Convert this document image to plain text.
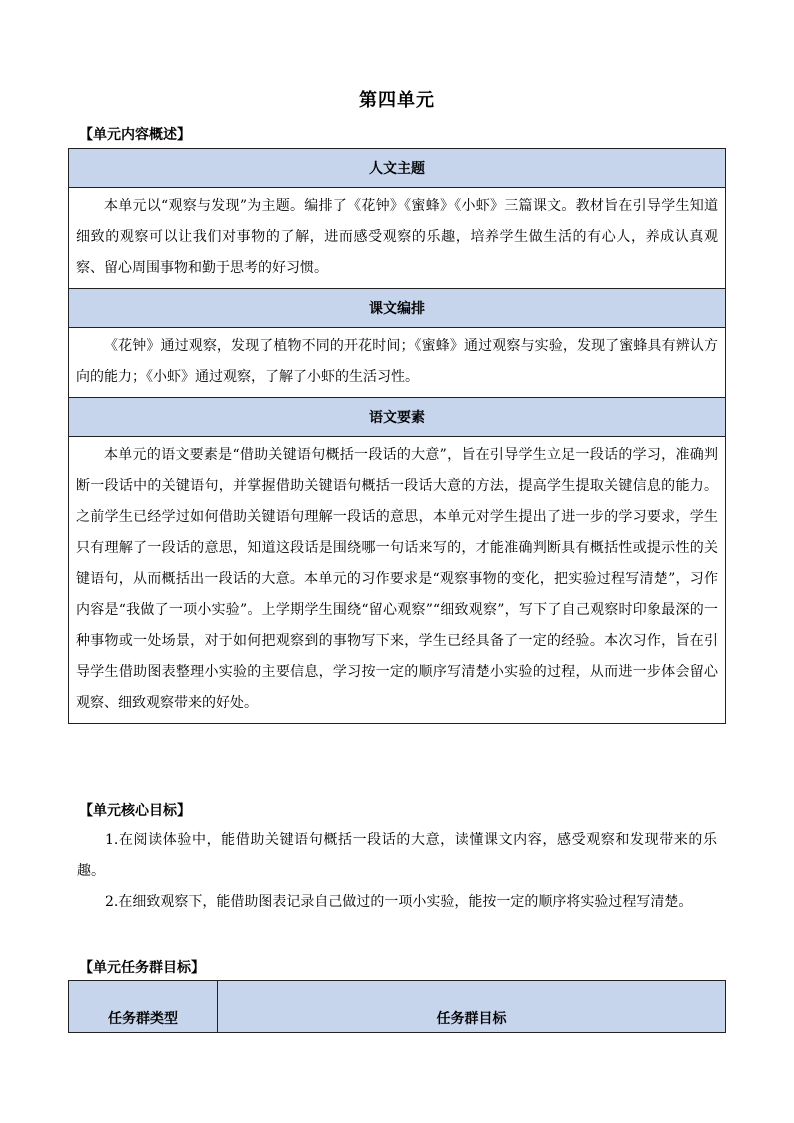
第四单元
【单元内容概述】
人文主题
本单元以“观察与发现”为主题。编排了《花钟》《蜜蜂》《小虾》三篇课文。教材旨在引导学生知道细致的观察可以让我们对事物的了解，进而感受观察的乐趣，培养学生做生活的有心人，养成认真观察、留心周围事物和勤于思考的好习惯。
课文编排
《花钟》通过观察，发现了植物不同的开花时间；《蜜蜂》通过观察与实验，发现了蜜蜂具有辨认方向的能力；《小虾》通过观察，了解了小虾的生活习性。
语文要素
本单元的语文要素是“借助关键语句概括一段话的大意”，旨在引导学生立足一段话的学习，准确判断一段话中的关键语句，并掌握借助关键语句概括一段话大意的方法，提高学生提取关键信息的能力。之前学生已经学过如何借助关键语句理解一段话的意思，本单元对学生提出了进一步的学习要求，学生只有理解了一段话的意思，知道这段话是围绕哪一句话来写的，才能准确判断具有概括性或提示性的关键语句，从而概括出一段话的大意。本单元的习作要求是“观察事物的变化，把实验过程写清楚”，习作内容是“我做了一项小实验”。上学期学生围绕“留心观察”“细致观察”，写下了自己观察时印象最深的一种事物或一处场景，对于如何把观察到的事物写下来，学生已经具备了一定的经验。本次习作，旨在引导学生借助图表整理小实验的主要信息，学习按一定的顺序写清楚小实验的过程，从而进一步体会留心观察、细致观察带来的好处。
【单元核心目标】

1.在阅读体验中，能借助关键语句概括一段话的大意，读懂课文内容，感受观察和发现带来的乐趣。

2.在细致观察下，能借助图表记录自己做过的一项小实验，能按一定的顺序将实验过程写清楚。

【单元任务群目标】
任务群类型	任务群目标
